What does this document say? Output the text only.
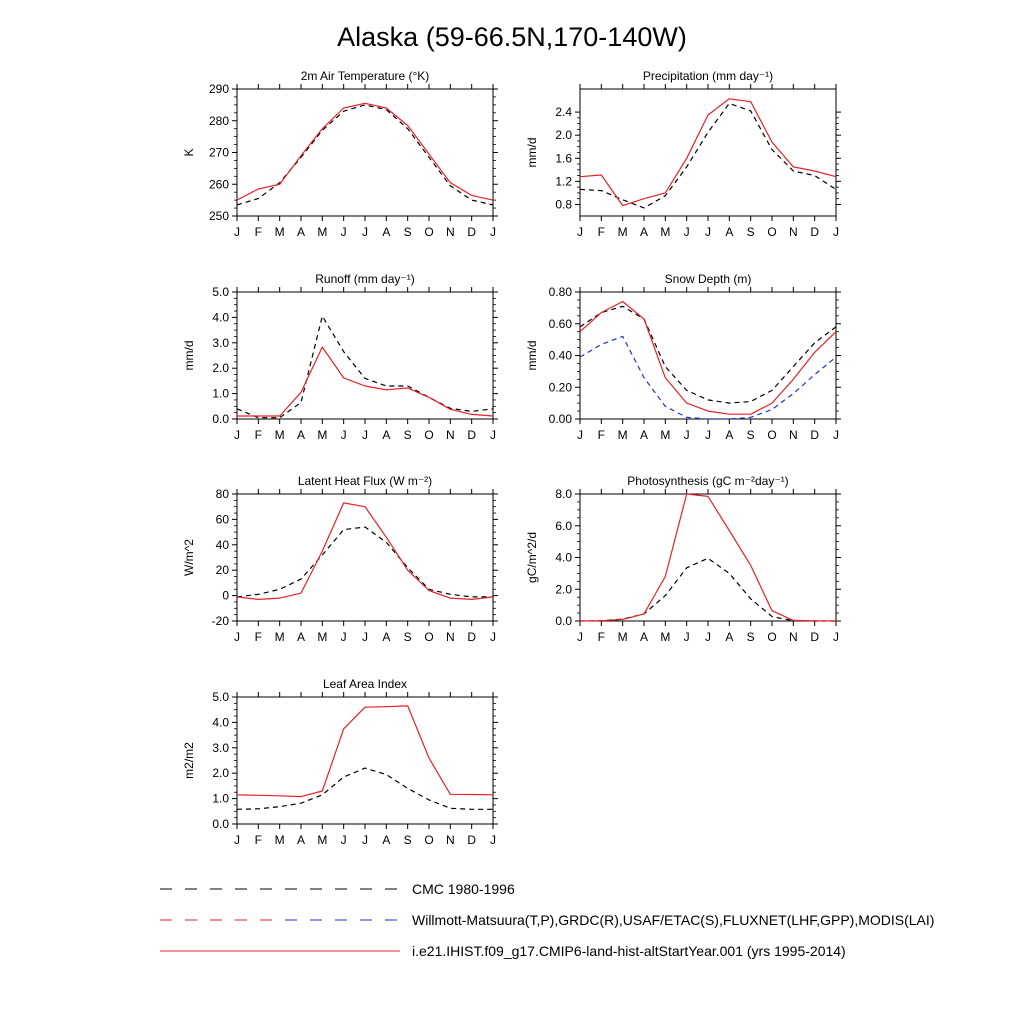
Alaska (59-66.5N,170-140W)
2m Air Temperature (°K)
K
250
260
270
280
290
J F M A M J J A S O N D J
Precipitation (mm day⁻¹)
mm/d
0.8
1.2
1.6
2.0
2.4
J F M A M J J A S O N D J
Runoff (mm day⁻¹)
mm/d
0.0
1.0
2.0
3.0
4.0
5.0
J F M A M J J A S O N D J
Snow Depth (m)
mm/d
0.00
0.20
0.40
0.60
0.80
J F M A M J J A S O N D J
Latent Heat Flux (W m⁻²)
W/m^2
-20
0
20
40
60
80
J F M A M J J A S O N D J
Photosynthesis (gC m⁻²day⁻¹)
gC/m^2/d
0.0
2.0
4.0
6.0
8.0
J F M A M J J A S O N D J
Leaf Area Index
m2/m2
0.0
1.0
2.0
3.0
4.0
5.0
J F M A M J J A S O N D J
CMC 1980-1996
Willmott-Matsuura(T,P),GRDC(R),USAF/ETAC(S),FLUXNET(LHF,GPP),MODIS(LAI)
i.e21.IHIST.f09_g17.CMIP6-land-hist-altStartYear.001 (yrs 1995-2014)
